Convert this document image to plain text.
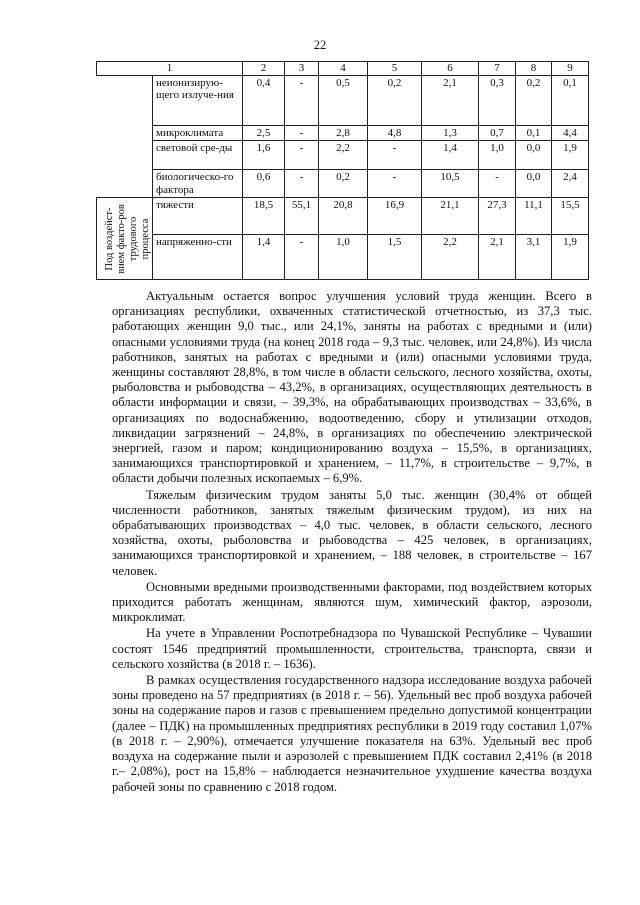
22
1		2	3	4	5	6	7	8	9
	неионизирую-щего излуче-ния	0,4	-	0,5	0,2	2,1	0,3	0,2	0,1
	микроклимата	2,5	-	2,8	4,8	1,3	0,7	0,1	4,4
	световой сре-ды	1,6	-	2,2	-	1,4	1,0	0,0	1,9
	биологическо-го фактора	0,6	-	0,2	-	10,5	-	0,0	2,4

Под воздейст-вием факто-ров трудового процесса	тяжести	18,5	55,1	20,8	16,9	21,1	27,3	11,1	15,5
	напряженно-сти	1,4	-	1,0	1,5	2,2	2,1	3,1	1,9

Актуальным остается вопрос улучшения условий труда женщин. Всего в организациях республики, охваченных статистической отчетностью, из 37,3 тыс. работающих женщин 9,0 тыс., или 24,1%, заняты на работах с вредными и (или) опасными условиями труда (на конец 2018 года – 9,3 тыс. человек, или 24,8%). Из числа работников, занятых на работах с вредными и (или) опасными условиями труда, женщины составляют 28,8%, в том числе в области сельского, лесного хозяйства, охоты, рыболовства и рыбоводства – 43,2%, в организациях, осуществляющих деятельность в области информации и связи, – 39,3%, на обрабатывающих производствах – 33,6%, в организациях по водоснабжению, водоотведению, сбору и утилизации отходов, ликвидации загрязнений – 24,8%, в организациях по обеспечению электрической энергией, газом и паром; кондиционированию воздуха – 15,5%, в организациях, занимающихся транспортировкой и хранением, – 11,7%, в строительстве – 9,7%, в области добычи полезных ископаемых – 6,9%.

Тяжелым физическим трудом заняты 5,0 тыс. женщин (30,4% от общей численности работников, занятых тяжелым физическим трудом), из них на обрабатывающих производствах – 4,0 тыс. человек, в области сельского, лесного хозяйства, охоты, рыболовства и рыбоводства – 425 человек, в организациях, занимающихся транспортировкой и хранением, – 188 человек, в строительстве – 167 человек.

Основными вредными производственными факторами, под воздействием которых приходится работать женщинам, являются шум, химический фактор, аэрозоли, микроклимат.

На учете в Управлении Роспотребнадзора по Чувашской Республике – Чувашии состоят 1546 предприятий промышленности, строительства, транспорта, связи и сельского хозяйства (в 2018 г. – 1636).

В рамках осуществления государственного надзора исследование воздуха рабочей зоны проведено на 57 предприятиях (в 2018 г. – 56). Удельный вес проб воздуха рабочей зоны на содержание паров и газов с превышением предельно допустимой концентрации (далее – ПДК) на промышленных предприятиях республики в 2019 году составил 1,07% (в 2018 г. – 2,90%), отмечается улучшение показателя на 63%. Удельный вес проб воздуха на содержание пыли и аэрозолей с превышением ПДК составил 2,41% (в 2018 г.– 2,08%), рост на 15,8% – наблюдается незначительное ухудшение качества воздуха рабочей зоны по сравнению с 2018 годом.
